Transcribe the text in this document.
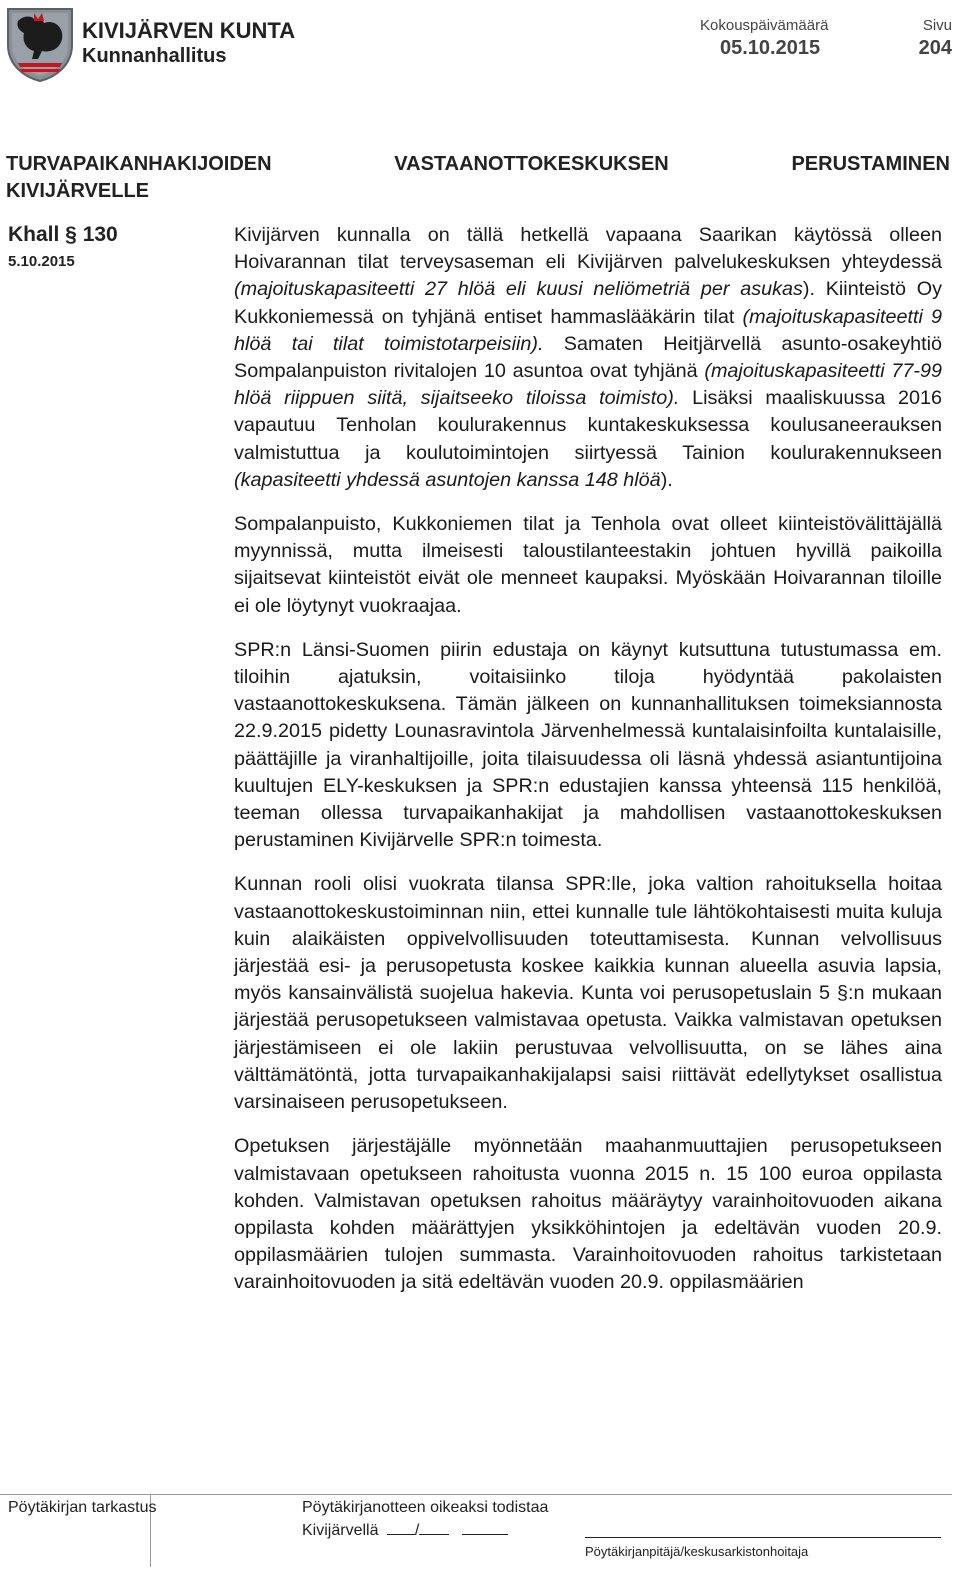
KIVIJÄRVEN KUNTA
Kunnanhallitus
Kokouspäivämäärä
05.10.2015
Sivu
204
TURVAPAIKANHAKIJOIDEN	VASTAANOTTOKESKUKSEN	PERUSTAMINEN
KIVIJÄRVELLE
Khall § 130
5.10.2015

Kivijärven kunnalla on tällä hetkellä vapaana Saarikan käytössä olleen Hoivarannan tilat terveysaseman eli Kivijärven palvelukeskuksen yhteydessä (majoituskapasiteetti 27 hlöä eli kuusi neliömetriä per asukas). Kiinteistö Oy Kukkoniemessä on tyhjänä entiset hammaslääkärin tilat (majoituskapasiteetti 9 hlöä tai tilat toimistotarpeisiin). Samaten Heitjärvellä asunto-osakeyhtiö Sompalanpuiston rivitalojen 10 asuntoa ovat tyhjänä (majoituskapasiteetti 77-99 hlöä riippuen siitä, sijaitseeko tiloissa toimisto). Lisäksi maaliskuussa 2016 vapautuu Tenholan koulurakennus kuntakeskuksessa koulusaneerauksen valmistuttua ja koulutoimintojen siirtyessä Tainion koulurakennukseen (kapasiteetti yhdessä asuntojen kanssa 148 hlöä).

Sompalanpuisto, Kukkoniemen tilat ja Tenhola ovat olleet kiinteistövälittäjällä myynnissä, mutta ilmeisesti taloustilanteestakin johtuen hyvillä paikoilla sijaitsevat kiinteistöt eivät ole menneet kaupaksi. Myöskään Hoivarannan tiloille ei ole löytynyt vuokraajaa.

SPR:n Länsi-Suomen piirin edustaja on käynyt kutsuttuna tutustumassa em. tiloihin ajatuksin, voitaisiinko tiloja hyödyntää pakolaisten vastaanottokeskuksena. Tämän jälkeen on kunnanhallituksen toimeksiannosta 22.9.2015 pidetty Lounasravintola Järvenhelmessä kuntalaisinfoilta kuntalaisille, päättäjille ja viranhaltijoille, joita tilaisuudessa oli läsnä yhdessä asiantuntijoina kuultujen ELY-keskuksen ja SPR:n edustajien kanssa yhteensä 115 henkilöä, teeman ollessa turvapaikanhakijat ja mahdollisen vastaanottokeskuksen perustaminen Kivijärvelle SPR:n toimesta.

Kunnan rooli olisi vuokrata tilansa SPR:lle, joka valtion rahoituksella hoitaa vastaanottokeskustoiminnan niin, ettei kunnalle tule lähtökohtaisesti muita kuluja kuin alaikäisten oppivelvollisuuden toteuttamisesta. Kunnan velvollisuus järjestää esi- ja perusopetusta koskee kaikkia kunnan alueella asuvia lapsia, myös kansainvälistä suojelua hakevia. Kunta voi perusopetuslain 5 §:n mukaan järjestää perusopetukseen valmistavaa opetusta. Vaikka valmistavan opetuksen järjestämiseen ei ole lakiin perustuvaa velvollisuutta, on se lähes aina välttämätöntä, jotta turvapaikanhakijalapsi saisi riittävät edellytykset osallistua varsinaiseen perusopetukseen.

Opetuksen järjestäjälle myönnetään maahanmuuttajien perusopetukseen valmistavaan opetukseen rahoitusta vuonna 2015 n. 15 100 euroa oppilasta kohden. Valmistavan opetuksen rahoitus määräytyy varainhoitovuoden aikana oppilasta kohden määrättyjen yksikköhintojen ja edeltävän vuoden 20.9. oppilasmäärien tulojen summasta. Varainhoitovuoden rahoitus tarkistetaan varainhoitovuoden ja sitä edeltävän vuoden 20.9. oppilasmäärien

Pöytäkirjan tarkastus	Pöytäkirjanotteen oikeaksi todistaa
Kivijärvellä /
Pöytäkirjanpitäjä/keskusarkistonhoitaja
